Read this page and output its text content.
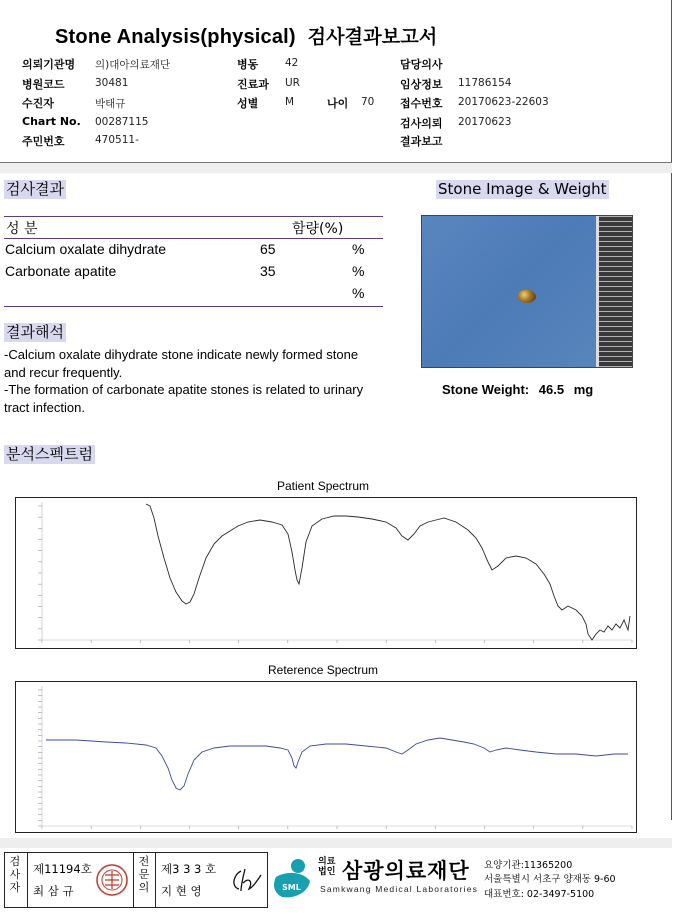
Stone Analysis(physical) 검사결과보고서
의뢰기관명 의)대아의료재단
병원코드	30481
수진자	박태규
Chart No. 00287115
주민번호	470511-
병동	42
진료과 UR
성별	M	나이 70
담당의사
임상정보 11786154
접수번호 20170623-22603
검사의뢰 20170623
결과보고
검사결과
성 분	함량(%)
Calcium oxalate dihydrate	65	%
Carbonate apatite	35	%
%
Stone Image & Weight
Stone Weight: 46.5 mg
결과해석
-Calcium oxalate dihydrate stone indicate newly formed stone and recur frequently.
-The formation of carbonate apatite stones is related to urinary tract infection.
분석스펙트럼
Patient Spectrum
Reterence Spectrum
검사자
제11194호
최 삼 규
전문의
제3 3 3 호
지 현 영	SML
의료
법인 삼광의료재단
Samkwang Medical Laboratories
요양기관:11365200
서울특별시 서초구 양재동 9-60
대표번호: 02-3497-5100
